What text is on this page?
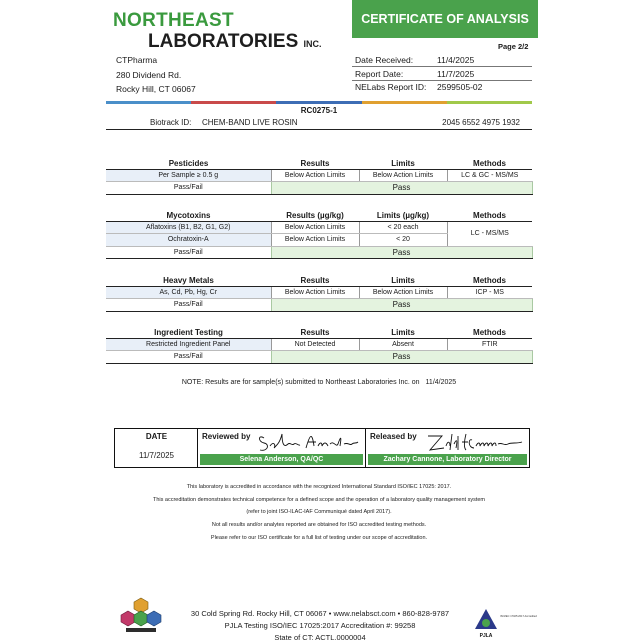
NORTHEAST
LABORATORIES INC.
CERTIFICATE OF ANALYSIS
Page 2/2
CTPharma
280 Dividend Rd.
Rocky Hill, CT 06067
Date Received:	11/4/2025
Report Date:	11/7/2025
NELabs Report ID: 2599505-02
RC0275-1
Biotrack ID: CHEM-BAND LIVE ROSIN	2045 6552 4975 1932
Pesticides	Results	Limits	Methods
Per Sample ≥ 0.5 g	Below Action Limits	Below Action Limits	LC & GC - MS/MS
Pass/Fail	Pass		
Mycotoxins	Results (µg/kg)	Limits (µg/kg)	Methods
Aflatoxins (B1, B2, G1, G2)	Below Action Limits	< 20 each	LC - MS/MS
Ochratoxin-A	Below Action Limits	< 20	
Pass/Fail	Pass		
Heavy Metals	Results	Limits	Methods
As, Cd, Pb, Hg, Cr	Below Action Limits	Below Action Limits	ICP - MS
Pass/Fail	Pass		
Ingredient Testing	Results	Limits	Methods
Restricted Ingredient Panel	Not Detected	Absent	FTIR
Pass/Fail	Pass		
NOTE: Results are for sample(s) submitted to Northeast Laboratories Inc. on 11/4/2025
DATE
11/7/2025
Reviewed by
Selena Anderson, QA/QC
Released by
Zachary Cannone, Laboratory Director
This laboratory is accredited in accordance with the recognized International Standard ISO/IEC 17025: 2017.
This accreditation demonstrates technical competence for a defined scope and the operation of a laboratory quality management system
(refer to joint ISO-ILAC-IAF Communiqué dated April 2017).
Not all results and/or analytes reported are obtained for ISO accredited testing methods.
Please refer to our ISO certificate for a full list of testing under our scope of accreditation.
30 Cold Spring Rd. Rocky Hill, CT 06067 • www.nelabsct.com • 860-828-9787
PJLA Testing ISO/IEC 17025:2017 Accreditation #: 99258
State of CT: ACTL.0000004	PJLA
ISO/IEC 17025:2017 Accredited
